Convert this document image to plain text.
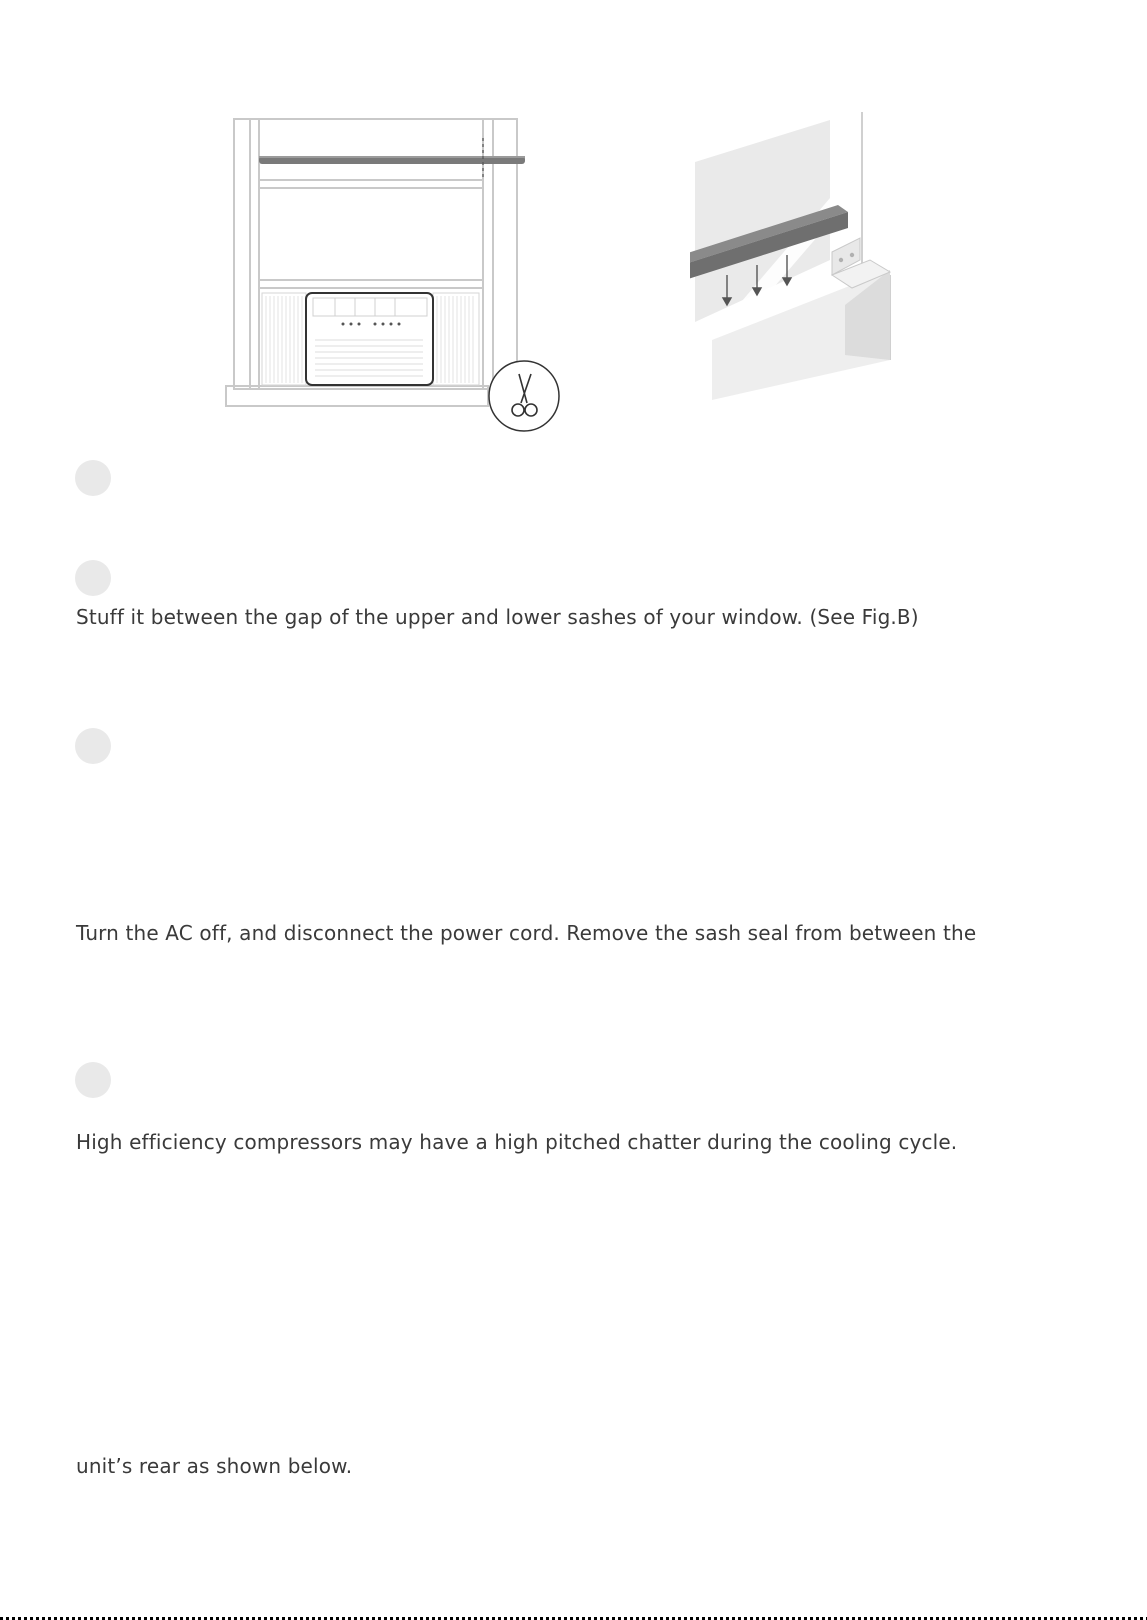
Stuff it between the gap of the upper and lower sashes of your window. (See Fig.B)

Turn the AC off, and disconnect the power cord. Remove the sash seal from between the

High efficiency compressors may have a high pitched chatter during the cooling cycle.

unit’s rear as shown below.
